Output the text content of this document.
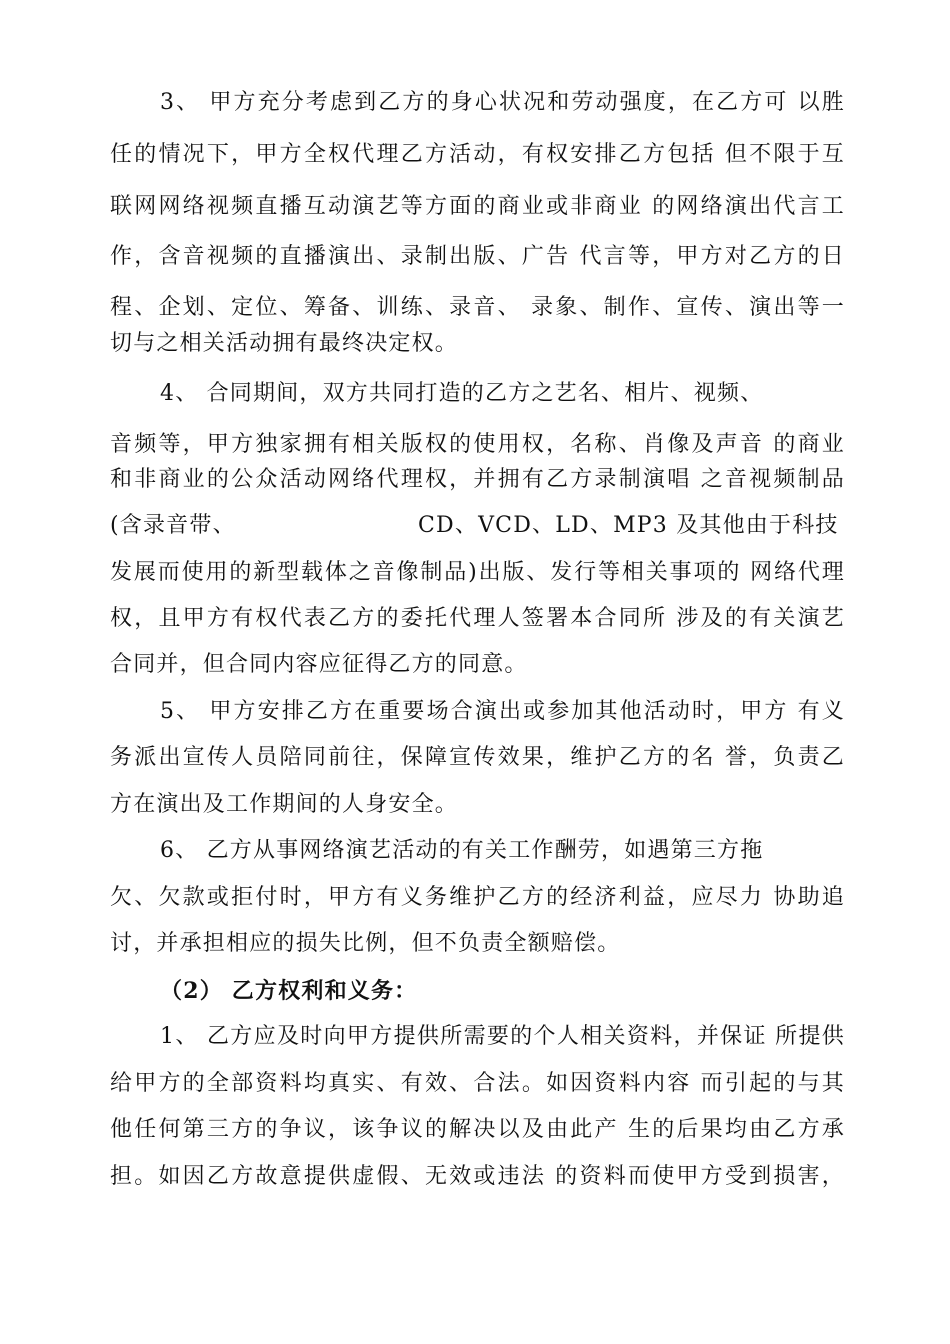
3、 甲方充分考虑到乙方的身心状况和劳动强度，在乙方可 以胜
任的情况下，甲方全权代理乙方活动，有权安排乙方包括 但不限于互
联网网络视频直播互动演艺等方面的商业或非商业 的网络演出代言工
作，含音视频的直播演出、录制出版、广告 代言等，甲方对乙方的日
程、企划、定位、筹备、训练、录音、 录象、制作、宣传、演出等一
切与之相关活动拥有最终决定权。
4、 合同期间，双方共同打造的乙方之艺名、相片、视频、
音频等，甲方独家拥有相关版权的使用权，名称、肖像及声音 的商业
和非商业的公众活动网络代理权，并拥有乙方录制演唱 之音视频制品
(含录音带、	CD、VCD、LD、MP3 及其他由于科技
发展而使用的新型载体之音像制品)出版、发行等相关事项的 网络代理
权，且甲方有权代表乙方的委托代理人签署本合同所 涉及的有关演艺
合同并，但合同内容应征得乙方的同意。
5、 甲方安排乙方在重要场合演出或参加其他活动时，甲方 有义
务派出宣传人员陪同前往，保障宣传效果，维护乙方的名 誉，负责乙
方在演出及工作期间的人身安全。
6、 乙方从事网络演艺活动的有关工作酬劳，如遇第三方拖
欠、欠款或拒付时，甲方有义务维护乙方的经济利益，应尽力 协助追
讨，并承担相应的损失比例，但不负责全额赔偿。
（2） 乙方权利和义务：
1、 乙方应及时向甲方提供所需要的个人相关资料，并保证 所提供
给甲方的全部资料均真实、有效、合法。如因资料内容 而引起的与其
他任何第三方的争议，该争议的解决以及由此产 生的后果均由乙方承
担。如因乙方故意提供虚假、无效或违法 的资料而使甲方受到损害，
